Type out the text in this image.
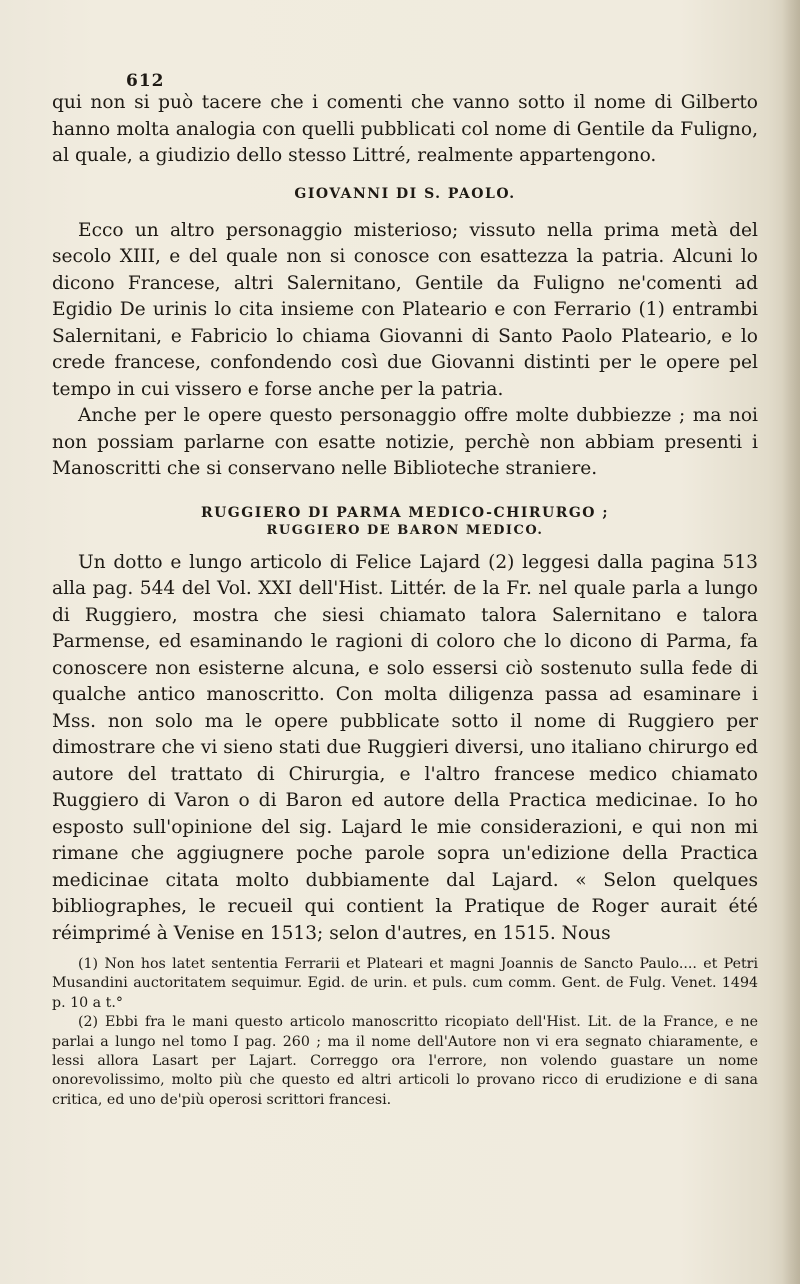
612

qui non si può tacere che i comenti che vanno sotto il nome di Gilberto hanno molta analogia con quelli pubblicati col nome di Gentile da Fuligno, al quale, a giudizio dello stesso Littré, realmente appartengono.

GIOVANNI DI S. PAOLO.

Ecco un altro personaggio misterioso; vissuto nella prima metà del secolo XIII, e del quale non si conosce con esattezza la patria. Alcuni lo dicono Francese, altri Salernitano, Gentile da Fuligno ne'comenti ad Egidio De urinis lo cita insieme con Plateario e con Ferrario (1) entrambi Salernitani, e Fabricio lo chiama Giovanni di Santo Paolo Plateario, e lo crede francese, confondendo così due Giovanni distinti per le opere pel tempo in cui vissero e forse anche per la patria.

Anche per le opere questo personaggio offre molte dubbiezze ; ma noi non possiam parlarne con esatte notizie, perchè non abbiam presenti i Manoscritti che si conservano nelle Biblioteche straniere.

RUGGIERO DI PARMA MEDICO-CHIRURGO ;
RUGGIERO DE BARON MEDICO.

Un dotto e lungo articolo di Felice Lajard (2) leggesi dalla pagina 513 alla pag. 544 del Vol. XXI dell'Hist. Littér. de la Fr. nel quale parla a lungo di Ruggiero, mostra che siesi chiamato talora Salernitano e talora Parmense, ed esaminando le ragioni di coloro che lo dicono di Parma, fa conoscere non esisterne alcuna, e solo essersi ciò sostenuto sulla fede di qualche antico manoscritto. Con molta diligenza passa ad esaminare i Mss. non solo ma le opere pubblicate sotto il nome di Ruggiero per dimostrare che vi sieno stati due Ruggieri diversi, uno italiano chirurgo ed autore del trattato di Chirurgia, e l'altro francese medico chiamato Ruggiero di Varon o di Baron ed autore della Practica medicinae. Io ho esposto sull'opinione del sig. Lajard le mie considerazioni, e qui non mi rimane che aggiugnere poche parole sopra un'edizione della Practica medicinae citata molto dubbiamente dal Lajard. « Selon quelques bibliographes, le recueil qui contient la Pratique de Roger aurait été réimprimé à Venise en 1513; selon d'autres, en 1515. Nous

(1) Non hos latet sententia Ferrarii et Plateari et magni Joannis de Sancto Paulo.... et Petri Musandini auctoritatem sequimur. Egid. de urin. et puls. cum comm. Gent. de Fulg. Venet. 1494 p. 10 a t.°

(2) Ebbi fra le mani questo articolo manoscritto ricopiato dell'Hist. Lit. de la France, e ne parlai a lungo nel tomo I pag. 260 ; ma il nome dell'Autore non vi era segnato chiaramente, e lessi allora Lasart per Lajart. Correggo ora l'errore, non volendo guastare un nome onorevolissimo, molto più che questo ed altri articoli lo provano ricco di erudizione e di sana critica, ed uno de'più operosi scrittori francesi.
